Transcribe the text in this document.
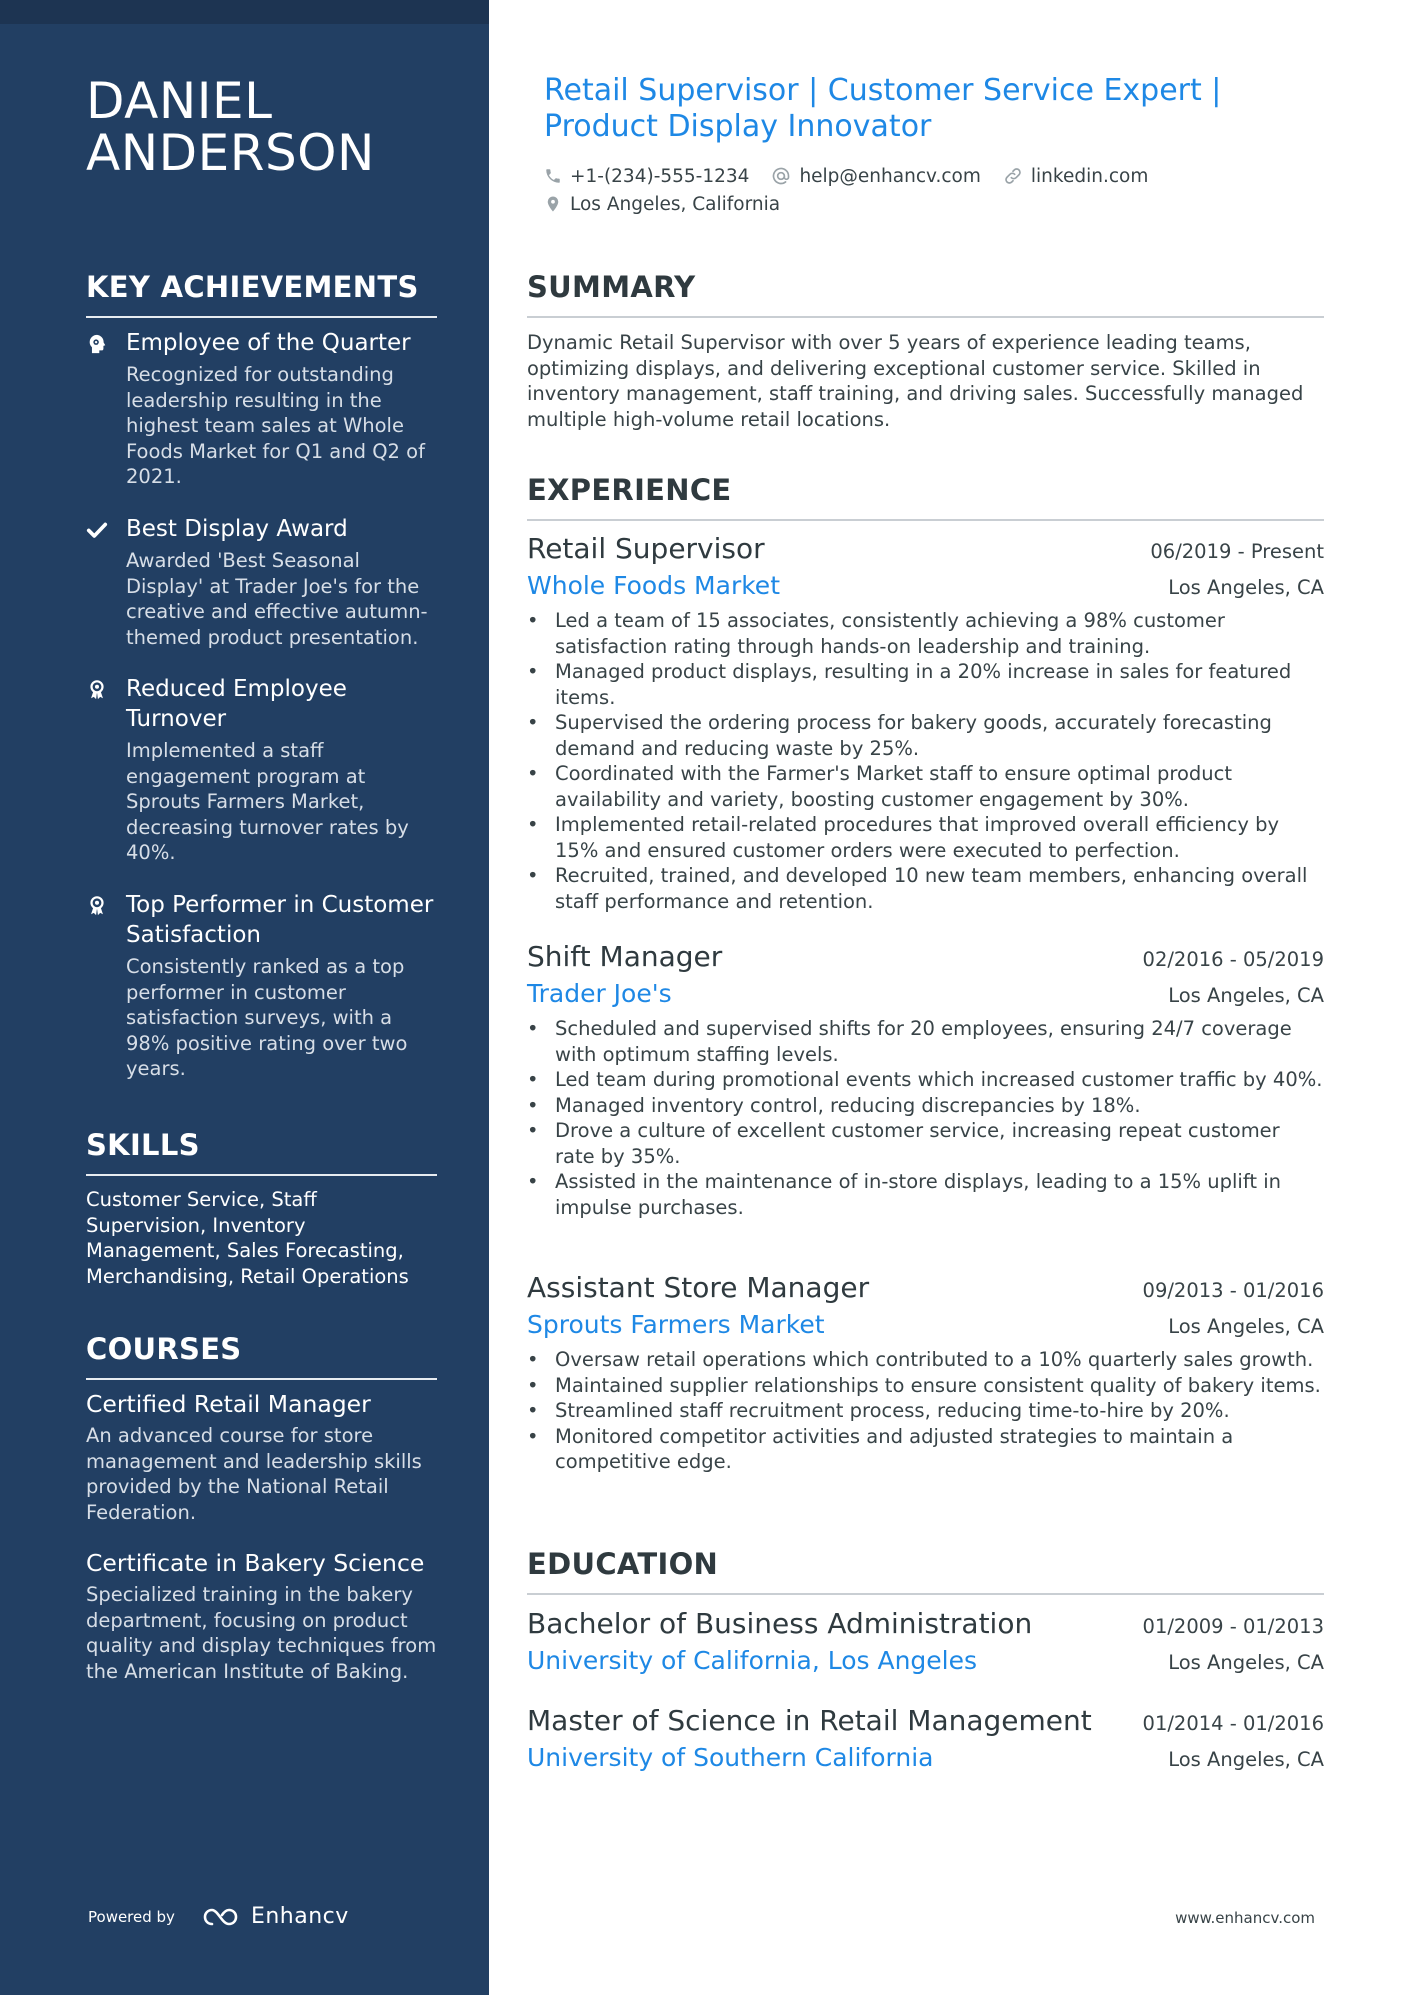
DANIEL ANDERSON
KEY ACHIEVEMENTS
Employee of the Quarter
Recognized for outstanding leadership resulting in the highest team sales at Whole Foods Market for Q1 and Q2 of 2021.
Best Display Award
Awarded 'Best Seasonal Display' at Trader Joe's for the creative and effective autumn-themed product presentation.
Reduced Employee Turnover
Implemented a staff engagement program at Sprouts Farmers Market, decreasing turnover rates by 40%.
Top Performer in Customer Satisfaction
Consistently ranked as a top performer in customer satisfaction surveys, with a 98% positive rating over two years.
SKILLS
Customer Service, Staff Supervision, Inventory Management, Sales Forecasting, Merchandising, Retail Operations
COURSES
Certified Retail Manager
An advanced course for store management and leadership skills provided by the National Retail Federation.
Certificate in Bakery Science
Specialized training in the bakery department, focusing on product quality and display techniques from the American Institute of Baking.
Powered by	Enhancv
Retail Supervisor | Customer Service Expert | Product Display Innovator
+1-(234)-555-1234	help@enhancv.com	linkedin.com
Los Angeles, California
SUMMARY

Dynamic Retail Supervisor with over 5 years of experience leading teams, optimizing displays, and delivering exceptional customer service. Skilled in inventory management, staff training, and driving sales. Successfully managed multiple high-volume retail locations.

EXPERIENCE
Retail Supervisor	06/2019 - Present
Whole Foods Market	Los Angeles, CA
• Led a team of 15 associates, consistently achieving a 98% customer satisfaction rating through hands-on leadership and training.
• Managed product displays, resulting in a 20% increase in sales for featured items.
• Supervised the ordering process for bakery goods, accurately forecasting demand and reducing waste by 25%.
• Coordinated with the Farmer's Market staff to ensure optimal product availability and variety, boosting customer engagement by 30%.
• Implemented retail-related procedures that improved overall efficiency by 15% and ensured customer orders were executed to perfection.
• Recruited, trained, and developed 10 new team members, enhancing overall staff performance and retention.
Shift Manager	02/2016 - 05/2019
Trader Joe's	Los Angeles, CA
• Scheduled and supervised shifts for 20 employees, ensuring 24/7 coverage with optimum staffing levels.
• Led team during promotional events which increased customer traffic by 40%.
• Managed inventory control, reducing discrepancies by 18%.
• Drove a culture of excellent customer service, increasing repeat customer rate by 35%.
• Assisted in the maintenance of in-store displays, leading to a 15% uplift in impulse purchases.
Assistant Store Manager	09/2013 - 01/2016
Sprouts Farmers Market	Los Angeles, CA
• Oversaw retail operations which contributed to a 10% quarterly sales growth.
• Maintained supplier relationships to ensure consistent quality of bakery items.
• Streamlined staff recruitment process, reducing time-to-hire by 20%.
• Monitored competitor activities and adjusted strategies to maintain a competitive edge.
EDUCATION
Bachelor of Business Administration	01/2009 - 01/2013
University of California, Los Angeles	Los Angeles, CA
Master of Science in Retail Management	01/2014 - 01/2016
University of Southern California	Los Angeles, CA
www.enhancv.com
